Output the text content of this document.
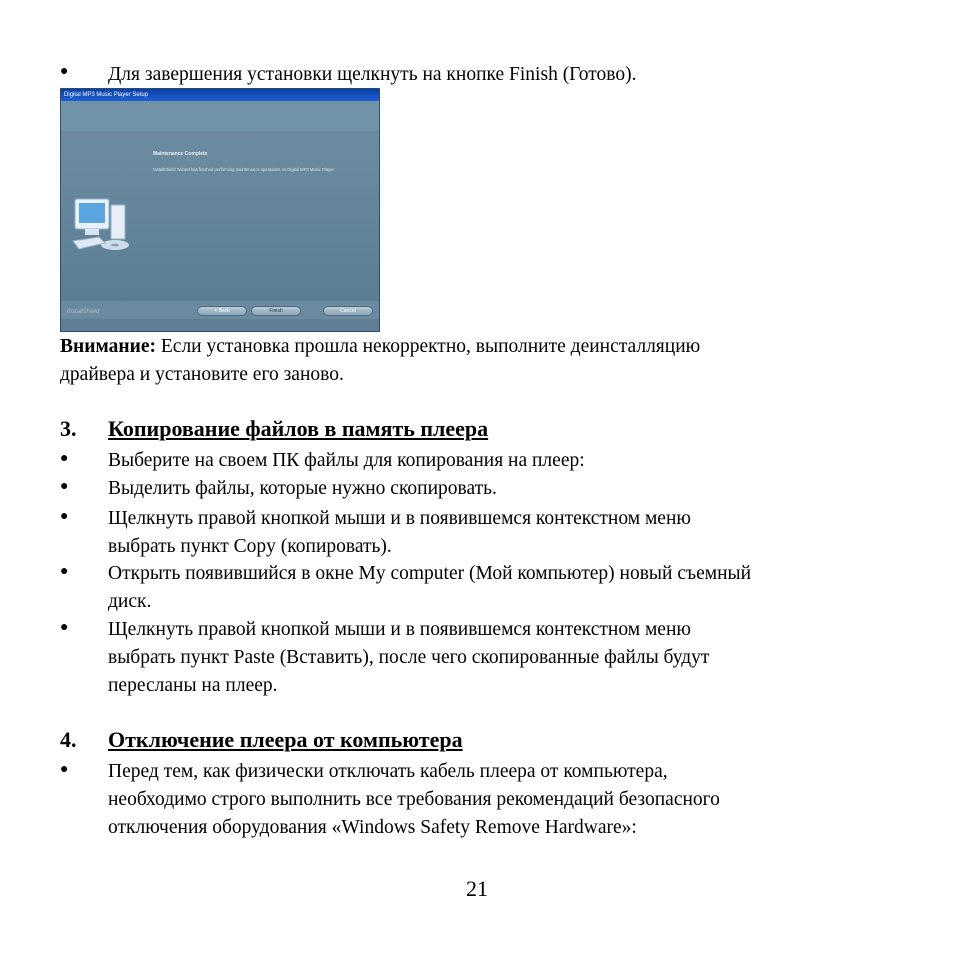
● Для завершения установки щелкнуть на кнопке Finish (Готово).
Digital MP3 Music Player Setup
Maintenance Complete
InstallShield Wizard has finished performing maintenance operations on Digital MP3 Music Player.
InstallShield	< Back	Finish	Cancel
Внимание: Если установка прошла некорректно, выполните деинсталляцию
драйвера и установите его заново.
3. Копирование файлов в память плеера
● Выберите на своем ПК файлы для копирования на плеер:
● Выделить файлы, которые нужно скопировать.
● Щелкнуть правой кнопкой мыши и в появившемся контекстном меню
выбрать пункт Copy (копировать).
● Открыть появившийся в окне My computer (Мой компьютер) новый съемный
диск.
● Щелкнуть правой кнопкой мыши и в появившемся контекстном меню
выбрать пункт Paste (Вставить), после чего скопированные файлы будут
пересланы на плеер.
4. Отключение плеера от компьютера
● Перед тем, как физически отключать кабель плеера от компьютера,
необходимо строго выполнить все требования рекомендаций безопасного
отключения оборудования «Windows Safety Remove Hardware»:
21
